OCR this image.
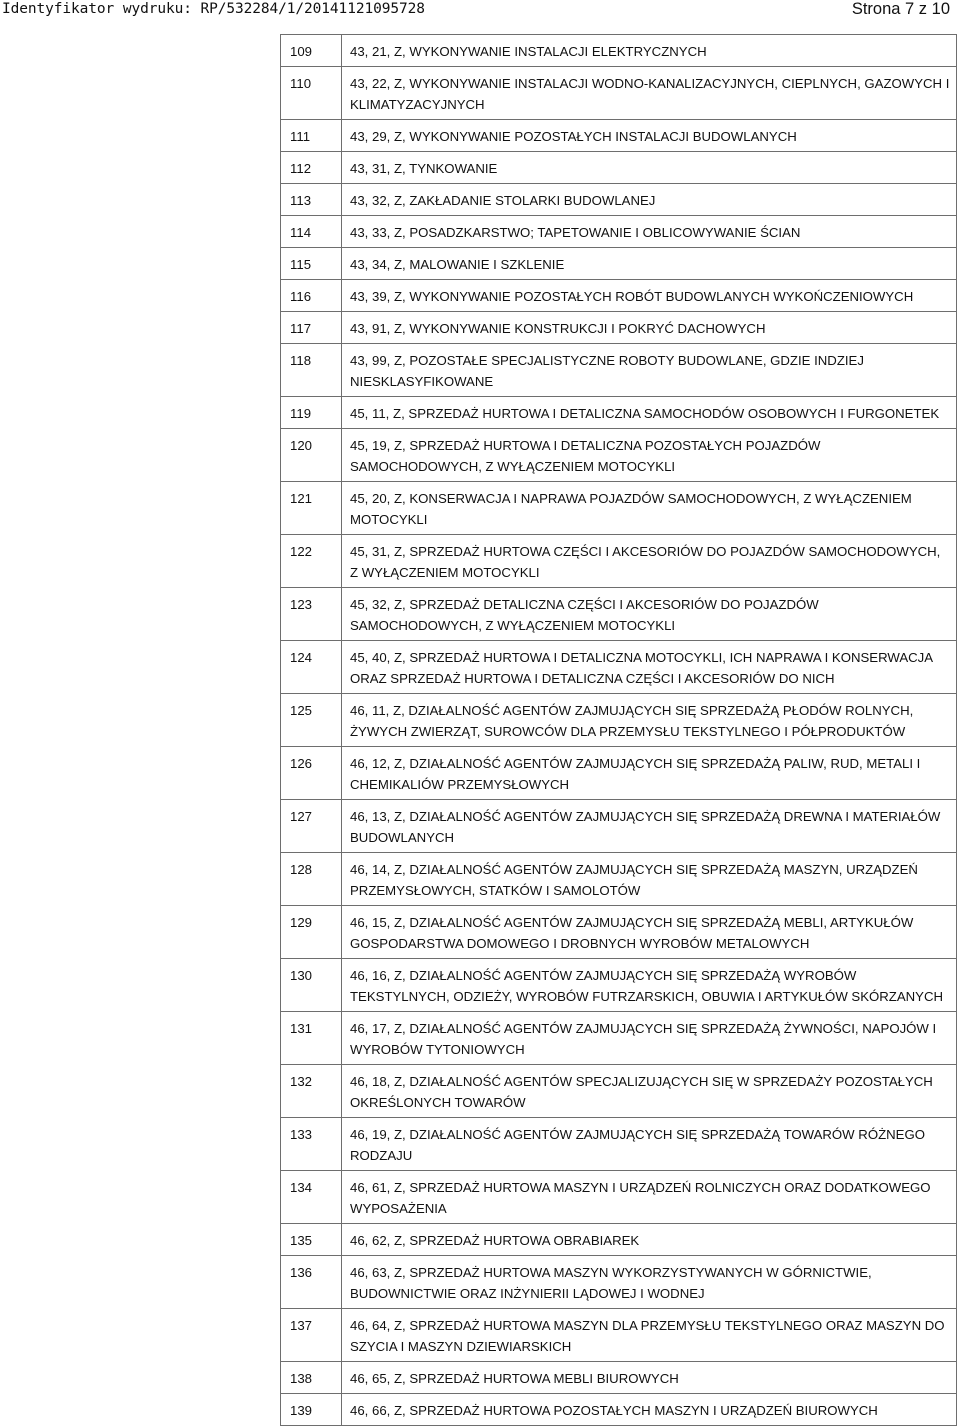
Identyfikator wydruku: RP/532284/1/20141121095728	Strona 7 z 10
109	43, 21, Z, WYKONYWANIE INSTALACJI ELEKTRYCZNYCH

110	43, 22, Z, WYKONYWANIE INSTALACJI WODNO-KANALIZACYJNYCH, CIEPLNYCH, GAZOWYCH I KLIMATYZACYJNYCH

111	43, 29, Z, WYKONYWANIE POZOSTAŁYCH INSTALACJI BUDOWLANYCH

112	43, 31, Z, TYNKOWANIE

113	43, 32, Z, ZAKŁADANIE STOLARKI BUDOWLANEJ

114	43, 33, Z, POSADZKARSTWO; TAPETOWANIE I OBLICOWYWANIE ŚCIAN

115	43, 34, Z, MALOWANIE I SZKLENIE

116	43, 39, Z, WYKONYWANIE POZOSTAŁYCH ROBÓT BUDOWLANYCH WYKOŃCZENIOWYCH

117	43, 91, Z, WYKONYWANIE KONSTRUKCJI I POKRYĆ DACHOWYCH

118	43, 99, Z, POZOSTAŁE SPECJALISTYCZNE ROBOTY BUDOWLANE, GDZIE INDZIEJ NIESKLASYFIKOWANE

119	45, 11, Z, SPRZEDAŻ HURTOWA I DETALICZNA SAMOCHODÓW OSOBOWYCH I FURGONETEK

120	45, 19, Z, SPRZEDAŻ HURTOWA I DETALICZNA POZOSTAŁYCH POJAZDÓW SAMOCHODOWYCH, Z WYŁĄCZENIEM MOTOCYKLI

121	45, 20, Z, KONSERWACJA I NAPRAWA POJAZDÓW SAMOCHODOWYCH, Z WYŁĄCZENIEM MOTOCYKLI

122	45, 31, Z, SPRZEDAŻ HURTOWA CZĘŚCI I AKCESORIÓW DO POJAZDÓW SAMOCHODOWYCH, Z WYŁĄCZENIEM MOTOCYKLI

123	45, 32, Z, SPRZEDAŻ DETALICZNA CZĘŚCI I AKCESORIÓW DO POJAZDÓW SAMOCHODOWYCH, Z WYŁĄCZENIEM MOTOCYKLI

124	45, 40, Z, SPRZEDAŻ HURTOWA I DETALICZNA MOTOCYKLI, ICH NAPRAWA I KONSERWACJA ORAZ SPRZEDAŻ HURTOWA I DETALICZNA CZĘŚCI I AKCESORIÓW DO NICH

125	46, 11, Z, DZIAŁALNOŚĆ AGENTÓW ZAJMUJĄCYCH SIĘ SPRZEDAŻĄ PŁODÓW ROLNYCH, ŻYWYCH ZWIERZĄT, SUROWCÓW DLA PRZEMYSŁU TEKSTYLNEGO I PÓŁPRODUKTÓW

126	46, 12, Z, DZIAŁALNOŚĆ AGENTÓW ZAJMUJĄCYCH SIĘ SPRZEDAŻĄ PALIW, RUD, METALI I CHEMIKALIÓW PRZEMYSŁOWYCH

127	46, 13, Z, DZIAŁALNOŚĆ AGENTÓW ZAJMUJĄCYCH SIĘ SPRZEDAŻĄ DREWNA I MATERIAŁÓW BUDOWLANYCH

128	46, 14, Z, DZIAŁALNOŚĆ AGENTÓW ZAJMUJĄCYCH SIĘ SPRZEDAŻĄ MASZYN, URZĄDZEŃ PRZEMYSŁOWYCH, STATKÓW I SAMOLOTÓW

129	46, 15, Z, DZIAŁALNOŚĆ AGENTÓW ZAJMUJĄCYCH SIĘ SPRZEDAŻĄ MEBLI, ARTYKUŁÓW GOSPODARSTWA DOMOWEGO I DROBNYCH WYROBÓW METALOWYCH

130	46, 16, Z, DZIAŁALNOŚĆ AGENTÓW ZAJMUJĄCYCH SIĘ SPRZEDAŻĄ WYROBÓW TEKSTYLNYCH, ODZIEŻY, WYROBÓW FUTRZARSKICH, OBUWIA I ARTYKUŁÓW SKÓRZANYCH

131	46, 17, Z, DZIAŁALNOŚĆ AGENTÓW ZAJMUJĄCYCH SIĘ SPRZEDAŻĄ ŻYWNOŚCI, NAPOJÓW I WYROBÓW TYTONIOWYCH

132	46, 18, Z, DZIAŁALNOŚĆ AGENTÓW SPECJALIZUJĄCYCH SIĘ W SPRZEDAŻY POZOSTAŁYCH OKREŚLONYCH TOWARÓW

133	46, 19, Z, DZIAŁALNOŚĆ AGENTÓW ZAJMUJĄCYCH SIĘ SPRZEDAŻĄ TOWARÓW RÓŻNEGO RODZAJU

134	46, 61, Z, SPRZEDAŻ HURTOWA MASZYN I URZĄDZEŃ ROLNICZYCH ORAZ DODATKOWEGO WYPOSAŻENIA

135	46, 62, Z, SPRZEDAŻ HURTOWA OBRABIAREK

136	46, 63, Z, SPRZEDAŻ HURTOWA MASZYN WYKORZYSTYWANYCH W GÓRNICTWIE, BUDOWNICTWIE ORAZ INŻYNIERII LĄDOWEJ I WODNEJ

137	46, 64, Z, SPRZEDAŻ HURTOWA MASZYN DLA PRZEMYSŁU TEKSTYLNEGO ORAZ MASZYN DO SZYCIA I MASZYN DZIEWIARSKICH

138	46, 65, Z, SPRZEDAŻ HURTOWA MEBLI BIUROWYCH

139	46, 66, Z, SPRZEDAŻ HURTOWA POZOSTAŁYCH MASZYN I URZĄDZEŃ BIUROWYCH
